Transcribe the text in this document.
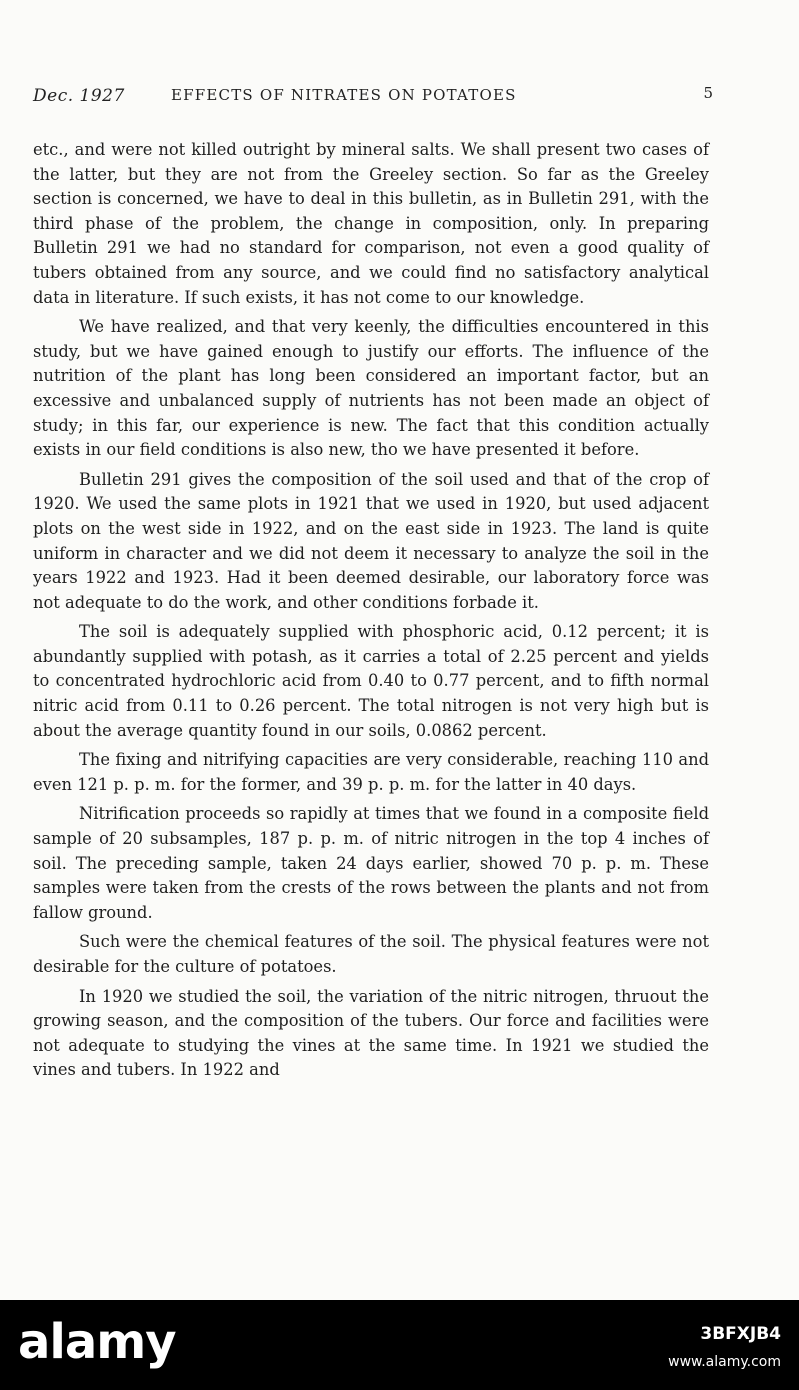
Dec. 1927	EFFECTS OF NITRATES ON POTATOES	5

etc., and were not killed outright by mineral salts. We shall present two cases of the latter, but they are not from the Greeley section. So far as the Greeley section is concerned, we have to deal in this bulletin, as in Bulletin 291, with the third phase of the problem, the change in composition, only. In preparing Bulletin 291 we had no standard for comparison, not even a good quality of tubers obtained from any source, and we could find no satisfactory analytical data in literature. If such exists, it has not come to our knowledge.

We have realized, and that very keenly, the difficulties encountered in this study, but we have gained enough to justify our efforts. The influence of the nutrition of the plant has long been considered an important factor, but an excessive and unbalanced supply of nutrients has not been made an object of study; in this far, our experience is new. The fact that this condition actually exists in our field conditions is also new, tho we have presented it before.

Bulletin 291 gives the composition of the soil used and that of the crop of 1920. We used the same plots in 1921 that we used in 1920, but used adjacent plots on the west side in 1922, and on the east side in 1923. The land is quite uniform in character and we did not deem it necessary to analyze the soil in the years 1922 and 1923. Had it been deemed desirable, our laboratory force was not adequate to do the work, and other conditions forbade it.

The soil is adequately supplied with phosphoric acid, 0.12 percent; it is abundantly supplied with potash, as it carries a total of 2.25 percent and yields to concentrated hydrochloric acid from 0.40 to 0.77 percent, and to fifth normal nitric acid from 0.11 to 0.26 percent. The total nitrogen is not very high but is about the average quantity found in our soils, 0.0862 percent.

The fixing and nitrifying capacities are very considerable, reaching 110 and even 121 p. p. m. for the former, and 39 p. p. m. for the latter in 40 days.

Nitrification proceeds so rapidly at times that we found in a composite field sample of 20 subsamples, 187 p. p. m. of nitric nitrogen in the top 4 inches of soil. The preceding sample, taken 24 days earlier, showed 70 p. p. m. These samples were taken from the crests of the rows between the plants and not from fallow ground.

Such were the chemical features of the soil. The physical features were not desirable for the culture of potatoes.

In 1920 we studied the soil, the variation of the nitric nitrogen, thruout the growing season, and the composition of the tubers. Our force and facilities were not adequate to studying the vines at the same time. In 1921 we studied the vines and tubers. In 1922 and

alamy	3BFXJB4
www.alamy.com
